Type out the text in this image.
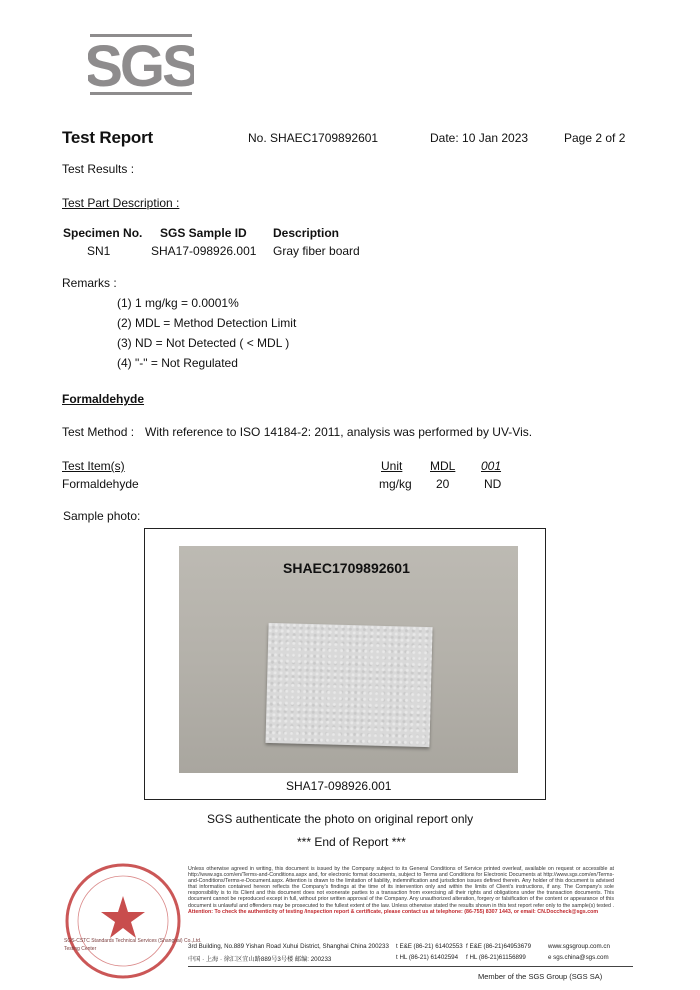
SGS
Test Report	No. SHAEC1709892601	Date: 10 Jan 2023	Page 2 of 2
Test Results :
Test Part Description :
Specimen No. SGS Sample ID Description
SN1	SHA17-098926.001 Gray fiber board
Remarks :
(1) 1 mg/kg = 0.0001%
(2) MDL = Method Detection Limit
(3) ND = Not Detected ( < MDL )
(4) "-" = Not Regulated
Formaldehyde
Test Method : With reference to ISO 14184-2: 2011, analysis was performed by UV-Vis.
Test Item(s)	Unit MDL 001
Formaldehyde	mg/kg 20	ND
Sample photo:
SHAEC1709892601
SHA17-098926.001
SGS authenticate the photo on original report only
*** End of Report ***
SGS-CSTC Standards Technical Services (Shanghai) Co.,Ltd.
Testing Center
Unless otherwise agreed in writing, this document is issued by the Company subject to its General Conditions of Service printed overleaf, available on request or accessible at http://www.sgs.com/en/Terms-and-Conditions.aspx and, for electronic format documents, subject to Terms and Conditions for Electronic Documents at http://www.sgs.com/en/Terms-and-Conditions/Terms-e-Document.aspx. Attention is drawn to the limitation of liability, indemnification and jurisdiction issues defined therein. Any holder of this document is advised that information contained hereon reflects the Company's findings at the time of its intervention only and within the limits of Client's instructions, if any. The Company's sole responsibility is to its Client and this document does not exonerate parties to a transaction from exercising all their rights and obligations under the transaction documents. This document cannot be reproduced except in full, without prior written approval of the Company. Any unauthorized alteration, forgery or falsification of the content or appearance of this document is unlawful and offenders may be prosecuted to the fullest extent of the law. Unless otherwise stated the results shown in this test report refer only to the sample(s) tested . Attention: To check the authenticity of testing /inspection report & certificate, please contact us at telephone: (86-755) 8307 1443, or email: CN.Doccheck@sgs.com
3rd Building, No.889 Yishan Road Xuhui District, Shanghai China 200233 t E&E (86-21) 61402553 f E&E (86-21)64953679	www.sgsgroup.com.cn
中国 · 上海 · 徐汇区宜山路889号3号楼 邮编: 200233	t HL (86-21) 61402594 f HL (86-21)61156899	e sgs.china@sgs.com
Member of the SGS Group (SGS SA)
